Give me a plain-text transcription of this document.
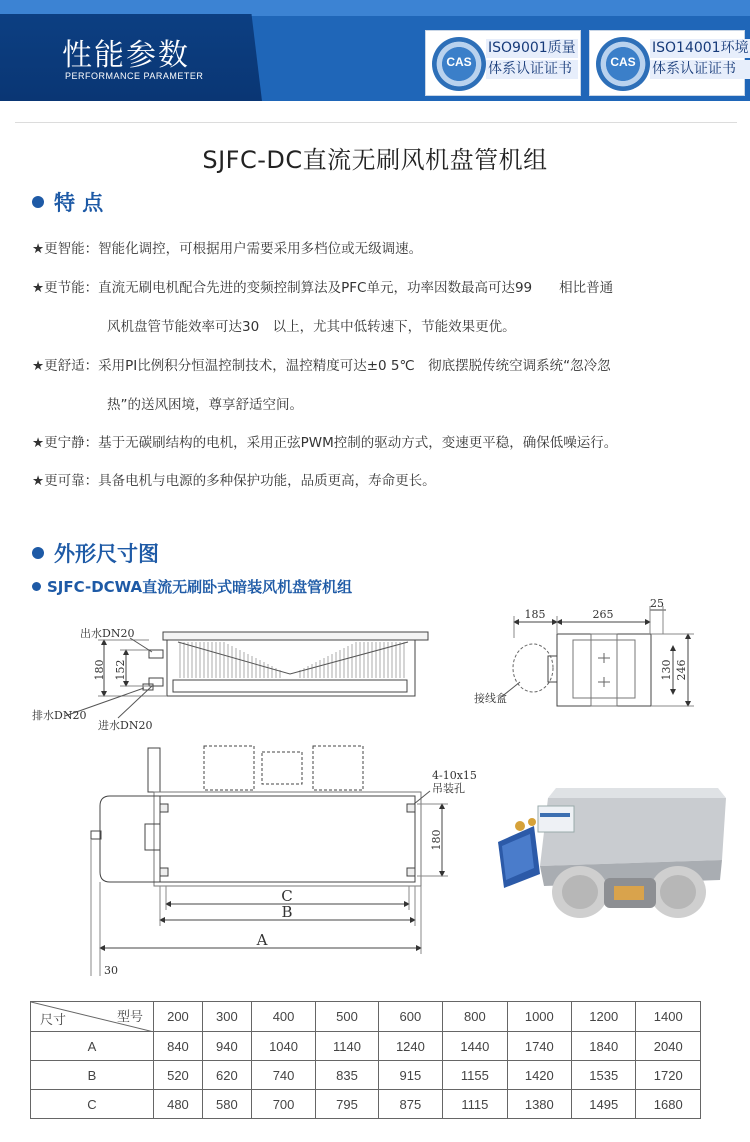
性能参数
PERFORMANCE PARAMETER
CAS
ISO9001质量
体系认证证书	CAS
ISO14001环境
体系认证证书
SJFC-DC直流无刷风机盘管机组
特 点
★更智能：智能化调控，可根据用户需要采用多档位或无级调速。
★更节能：直流无刷电机配合先进的变频控制算法及PFC单元，功率因数最高可达99　　相比普通
风机盘管节能效率可达30　以上，尤其中低转速下，节能效果更优。
★更舒适：采用PI比例积分恒温控制技术，温控精度可达±0 5℃　彻底摆脱传统空调系统“忽冷忽
热”的送风困境，尊享舒适空间。
★更宁静：基于无碳刷结构的电机，采用正弦PWM控制的驱动方式，变速更平稳，确保低噪运行。
★更可靠：具备电机与电源的多种保护功能，品质更高，寿命更长。
外形尺寸图
SJFC-DCWA直流无刷卧式暗装风机盘管机组
出水DN20
排水DN20
进水DN20
180 152
185	265
25
130 246
接线盒
4-10x15
吊装孔
180
C
B
A
30
型号
尺寸	200	300	400	500	600	800	1000	1200	1400
A	840	940	1040	1140	1240	1440	1740	1840	2040
B	520	620	740	835	915	1155	1420	1535	1720
C	480	580	700	795	875	1115	1380	1495	1680
